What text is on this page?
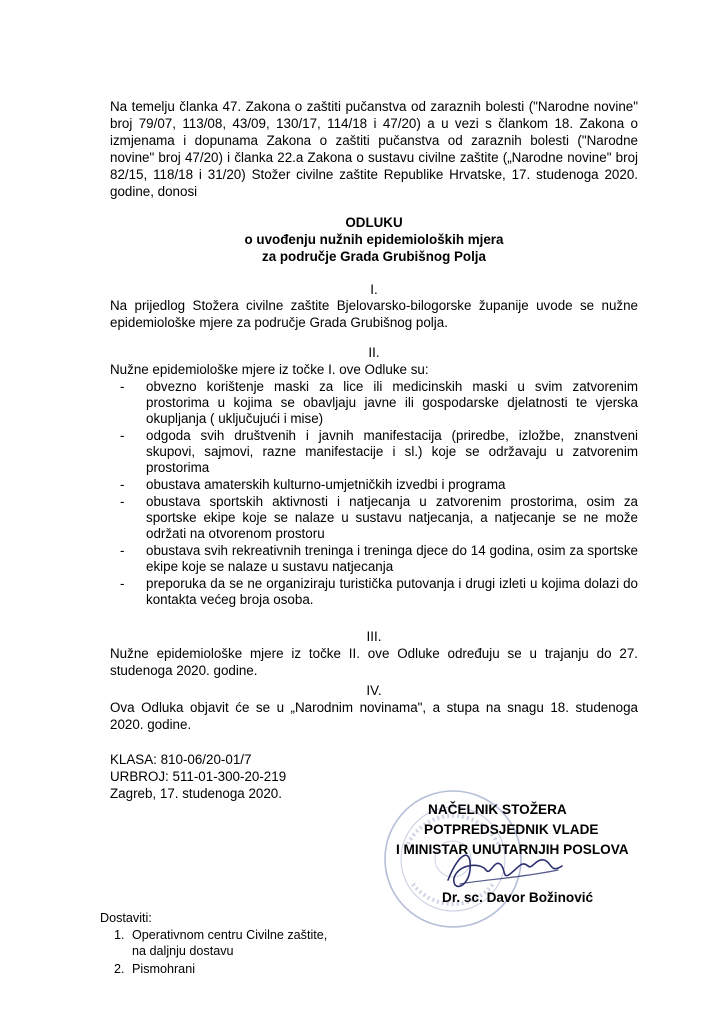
Na temelju članka 47. Zakona o zaštiti pučanstva od zaraznih bolesti ("Narodne novine" broj 79/07, 113/08, 43/09, 130/17, 114/18 i 47/20) a u vezi s člankom 18. Zakona o izmjenama i dopunama Zakona o zaštiti pučanstva od zaraznih bolesti ("Narodne novine" broj 47/20) i članka 22.a Zakona o sustavu civilne zaštite („Narodne novine" broj 82/15, 118/18 i 31/20) Stožer civilne zaštite Republike Hrvatske, 17. studenoga 2020. godine, donosi
ODLUKU
o uvođenju nužnih epidemioloških mjera
za područje Grada Grubišnog Polja
I.
Na prijedlog Stožera civilne zaštite Bjelovarsko-bilogorske županije uvode se nužne epidemiološke mjere za područje Grada Grubišnog polja.
II.
Nužne epidemiološke mjere iz točke I. ove Odluke su:
- obvezno korištenje maski za lice ili medicinskih maski u svim zatvorenim prostorima u kojima se obavljaju javne ili gospodarske djelatnosti te vjerska okupljanja ( uključujući i mise)
- odgoda svih društvenih i javnih manifestacija (priredbe, izložbe, znanstveni skupovi, sajmovi, razne manifestacije i sl.) koje se održavaju u zatvorenim prostorima
- obustava amaterskih kulturno-umjetničkih izvedbi i programa
- obustava sportskih aktivnosti i natjecanja u zatvorenim prostorima, osim za sportske ekipe koje se nalaze u sustavu natjecanja, a natjecanje se ne može održati na otvorenom prostoru
- obustava svih rekreativnih treninga i treninga djece do 14 godina, osim za sportske ekipe koje se nalaze u sustavu natjecanja
- preporuka da se ne organiziraju turistička putovanja i drugi izleti u kojima dolazi do kontakta većeg broja osoba.
III.
Nužne epidemiološke mjere iz točke II. ove Odluke određuju se u trajanju do 27. studenoga 2020. godine.
IV.
Ova Odluka objavit će se u „Narodnim novinama", a stupa na snagu 18. studenoga 2020. godine.
KLASA: 810-06/20-01/7
URBROJ: 511-01-300-20-219
Zagreb, 17. studenoga 2020.
NAČELNIK STOŽERA
POTPREDSJEDNIK VLADE
I MINISTAR UNUTARNJIH POSLOVA
Dr. sc. Davor Božinović
Dostaviti:
1. Operativnom centru Civilne zaštite,
na daljnju dostavu
2. Pismohrani
